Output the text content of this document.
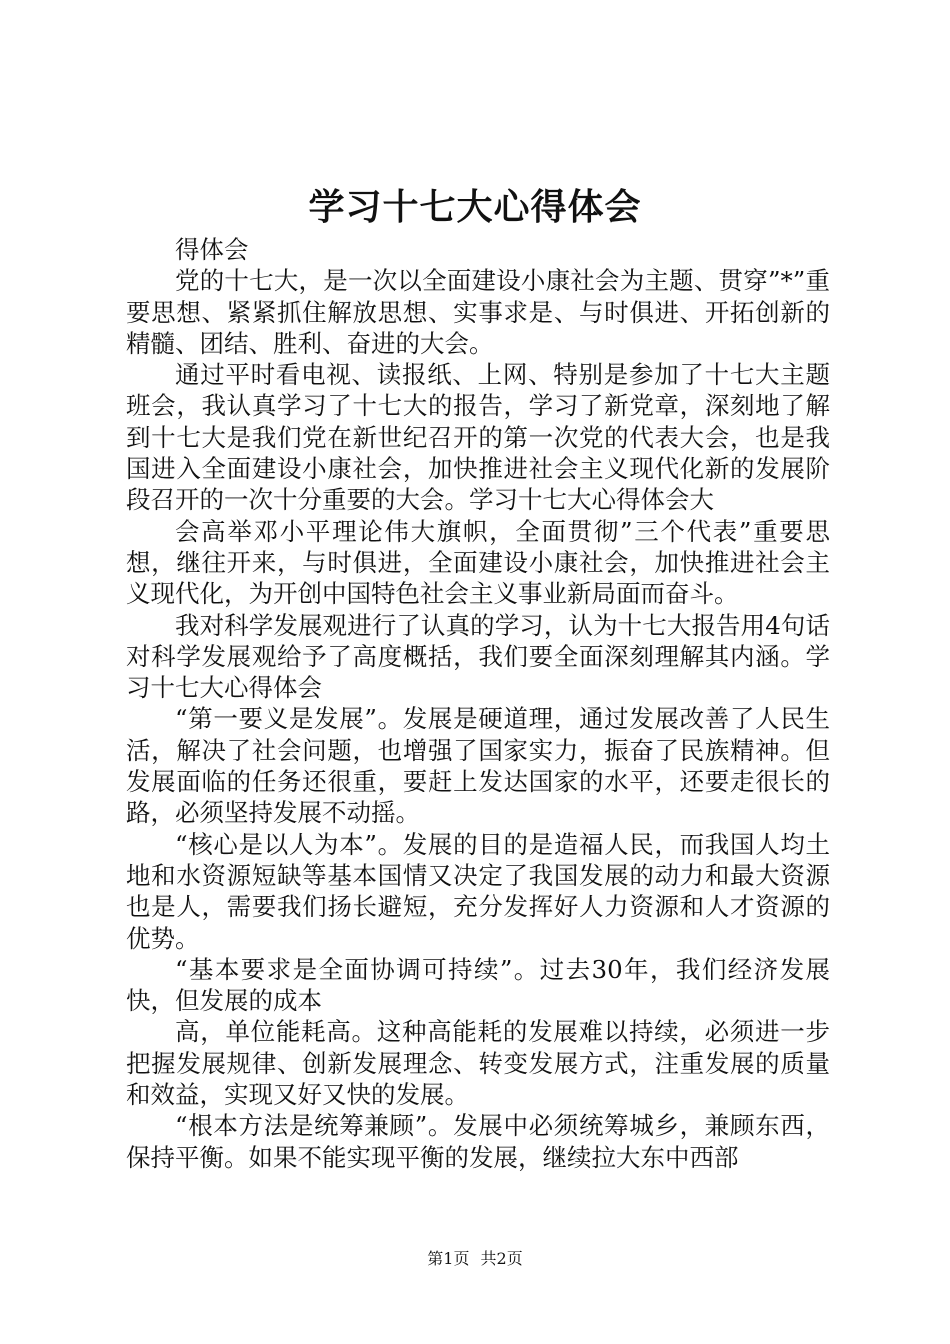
学习十七大心得体会

得体会

党的十七大，是一次以全面建设小康社会为主题、贯穿”*”重要思想、紧紧抓住解放思想、实事求是、与时俱进、开拓创新的精髓、团结、胜利、奋进的大会。

通过平时看电视、读报纸、上网、特别是参加了十七大主题班会，我认真学习了十七大的报告，学习了新党章，深刻地了解到十七大是我们党在新世纪召开的第一次党的代表大会，也是我国进入全面建设小康社会，加快推进社会主义现代化新的发展阶段召开的一次十分重要的大会。学习十七大心得体会大

会高举邓小平理论伟大旗帜，全面贯彻”三个代表”重要思想，继往开来，与时俱进，全面建设小康社会，加快推进社会主义现代化，为开创中国特色社会主义事业新局面而奋斗。

我对科学发展观进行了认真的学习，认为十七大报告用4句话对科学发展观给予了高度概括，我们要全面深刻理解其内涵。学习十七大心得体会

“第一要义是发展”。发展是硬道理，通过发展改善了人民生活，解决了社会问题，也增强了国家实力，振奋了民族精神。但发展面临的任务还很重，要赶上发达国家的水平，还要走很长的路，必须坚持发展不动摇。

“核心是以人为本”。发展的目的是造福人民，而我国人均土地和水资源短缺等基本国情又决定了我国发展的动力和最大资源也是人，需要我们扬长避短，充分发挥好人力资源和人才资源的优势。

“基本要求是全面协调可持续”。过去30年，我们经济发展快，但发展的成本

高，单位能耗高。这种高能耗的发展难以持续，必须进一步把握发展规律、创新发展理念、转变发展方式，注重发展的质量和效益，实现又好又快的发展。

“根本方法是统筹兼顾”。发展中必须统筹城乡，兼顾东西，保持平衡。如果不能实现平衡的发展，继续拉大东中西部

第1页 共2页
